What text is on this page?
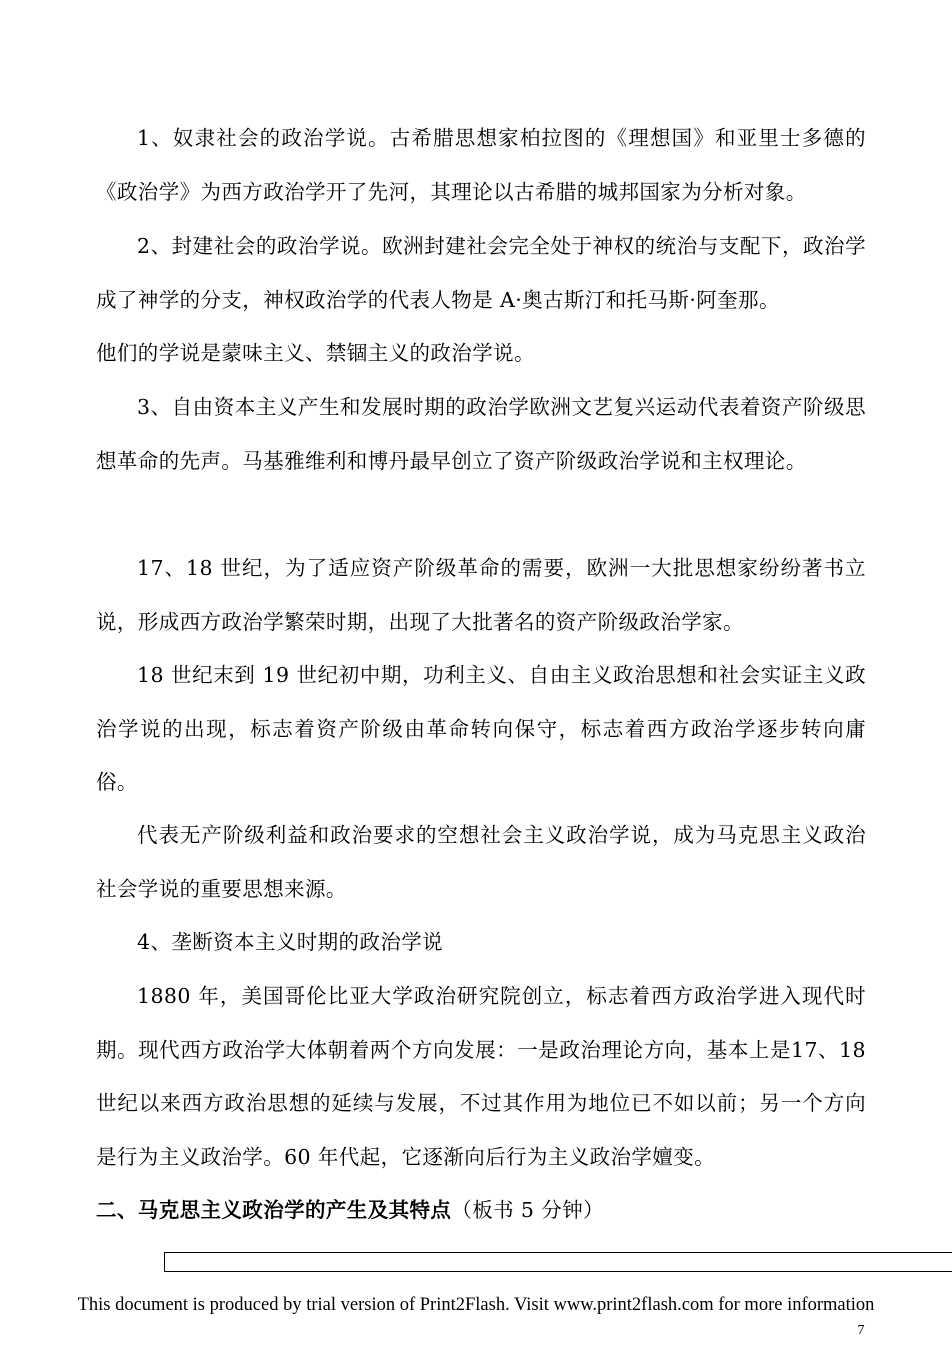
1、奴隶社会的政治学说。古希腊思想家柏拉图的《理想国》和亚里士多德的《政治学》为西方政治学开了先河，其理论以古希腊的城邦国家为分析对象。

2、封建社会的政治学说。欧洲封建社会完全处于神权的统治与支配下，政治学成了神学的分支，神权政治学的代表人物是 A·奥古斯汀和托马斯·阿奎那。

他们的学说是蒙味主义、禁锢主义的政治学说。

3、自由资本主义产生和发展时期的政治学欧洲文艺复兴运动代表着资产阶级思想革命的先声。马基雅维利和博丹最早创立了资产阶级政治学说和主权理论。

17、18 世纪，为了适应资产阶级革命的需要，欧洲一大批思想家纷纷著书立说，形成西方政治学繁荣时期，出现了大批著名的资产阶级政治学家。

18 世纪末到 19 世纪初中期，功利主义、自由主义政治思想和社会实证主义政治学说的出现，标志着资产阶级由革命转向保守，标志着西方政治学逐步转向庸俗。

代表无产阶级利益和政治要求的空想社会主义政治学说，成为马克思主义政治社会学说的重要思想来源。

4、垄断资本主义时期的政治学说

1880 年，美国哥伦比亚大学政治研究院创立，标志着西方政治学进入现代时期。现代西方政治学大体朝着两个方向发展：一是政治理论方向，基本上是17、18 世纪以来西方政治思想的延续与发展，不过其作用为地位已不如以前；另一个方向是行为主义政治学。60 年代起，它逐渐向后行为主义政治学嬗变。

二、马克思主义政治学的产生及其特点（板书 5 分钟）

This document is produced by trial version of Print2Flash. Visit www.print2flash.com for more information
7
